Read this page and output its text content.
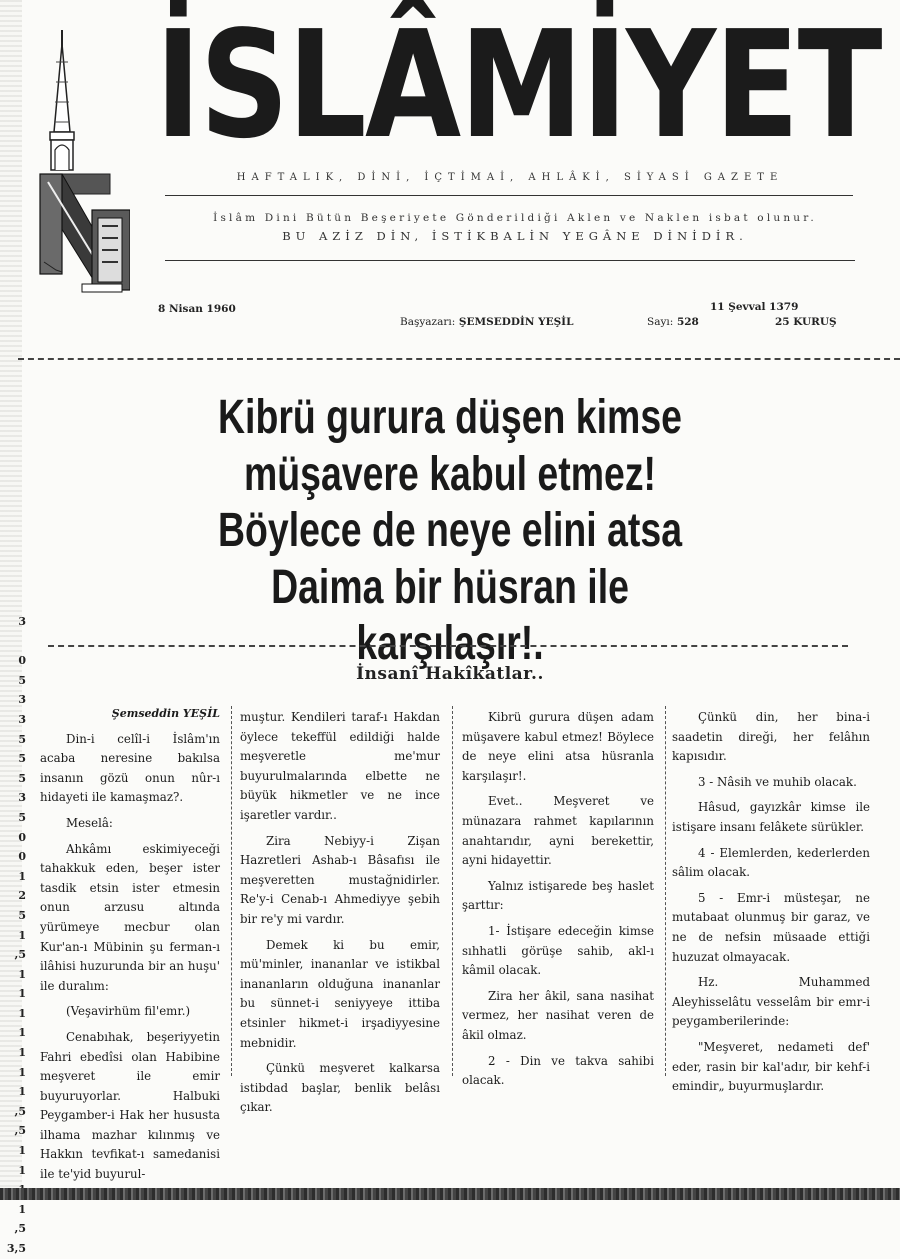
3
0
5
3
3
5
5
5
3
5
0
0
1
2
5
1
,5
1
1
1
1
1
1
1
,5
,5
1
1
1
,5
3,5
İSLÂMİYET
HAFTALIK, DİNİ, İÇTİMAİ, AHLÂKİ, SİYASİ GAZETE
İslâm Dini Bütün Beşeriyete Gönderildiği Aklen ve Naklen isbat olunur.
BU AZİZ DİN, İSTİKBALİN YEGÂNE DİNİDİR.
8 Nisan 1960
Başyazarı: ŞEMSEDDİN YEŞİL	Sayı: 528
11 Şevval 1379
25 KURUŞ
Kibrü gurura düşen kimse
müşavere kabul etmez!
Böylece de neye elini atsa
Daima bir hüsran ile karşılaşır!.
İnsanî Hakîkatlar..
Şemseddin YEŞİL

Din-i celîl-i İslâm'ın acaba neresine bakılsa insanın gözü onun nûr-ı hidayeti ile kamaşmaz?.

Meselâ:

Ahkâmı eskimiyeceği tahakkuk eden, beşer ister tasdik etsin ister etmesin onun arzusu altında yürümeye mecbur olan Kur'an-ı Mübinin şu ferman-ı ilâhisi huzurunda bir an huşu' ile duralım:

(Veşavirhüm fil'emr.)

Cenabıhak, beşeriyyetin Fahri ebedîsi olan Habibine meşveret ile emir buyuruyorlar. Halbuki Peygamber-i Hak her hususta ilhama mazhar kılınmış ve Hakkın tevfikat-ı samedanisi ile te'yid buyurul-

muştur. Kendileri taraf-ı Hakdan öylece tekeffül edildiği halde meşveretle me'mur buyurulmalarında elbette ne büyük hikmetler ve ne ince işaretler vardır..

Zira Nebiyy-i Zişan Hazretleri Ashab-ı Bâsafısı ile meşveretten mustağnidirler. Re'y-i Cenab-ı Ahmediyye şebih bir re'y mi vardır.

Demek ki bu emir, mü'minler, inananlar ve istikbal inananların olduğuna inananlar bu sünnet-i seniyyeye ittiba etsinler hikmet-i irşadiyyesine mebnidir.

Çünkü meşveret kalkarsa istibdad başlar, benlik belâsı çıkar.

Kibrü gurura düşen adam müşavere kabul etmez! Böylece de neye elini atsa hüsranla karşılaşır!.

Evet.. Meşveret ve münazara rahmet kapılarının anahtarıdır, ayni berekettir, ayni hidayettir.

Yalnız istişarede beş haslet şarttır:

1- İstişare edeceğin kimse sıhhatli görüşe sahib, akl-ı kâmil olacak.

Zira her âkil, sana nasihat vermez, her nasihat veren de âkil olmaz.

2 - Din ve takva sahibi olacak.

Çünkü din, her bina-i saadetin direği, her felâhın kapısıdır.

3 - Nâsih ve muhib olacak.

Hâsud, gayızkâr kimse ile istişare insanı felâkete sürükler.

4 - Elemlerden, kederlerden sâlim olacak.

5 - Emr-i müsteşar, ne mutabaat olunmuş bir garaz, ve ne de nefsin müsaade ettiği huzuzat olmayacak.

Hz. Muhammed Aleyhisselâtu vesselâm bir emr-i peygamberilerinde:

"Meşveret, nedameti def' eder, rasin bir kal'adır, bir kehf-i emindir„ buyurmuşlardır.
